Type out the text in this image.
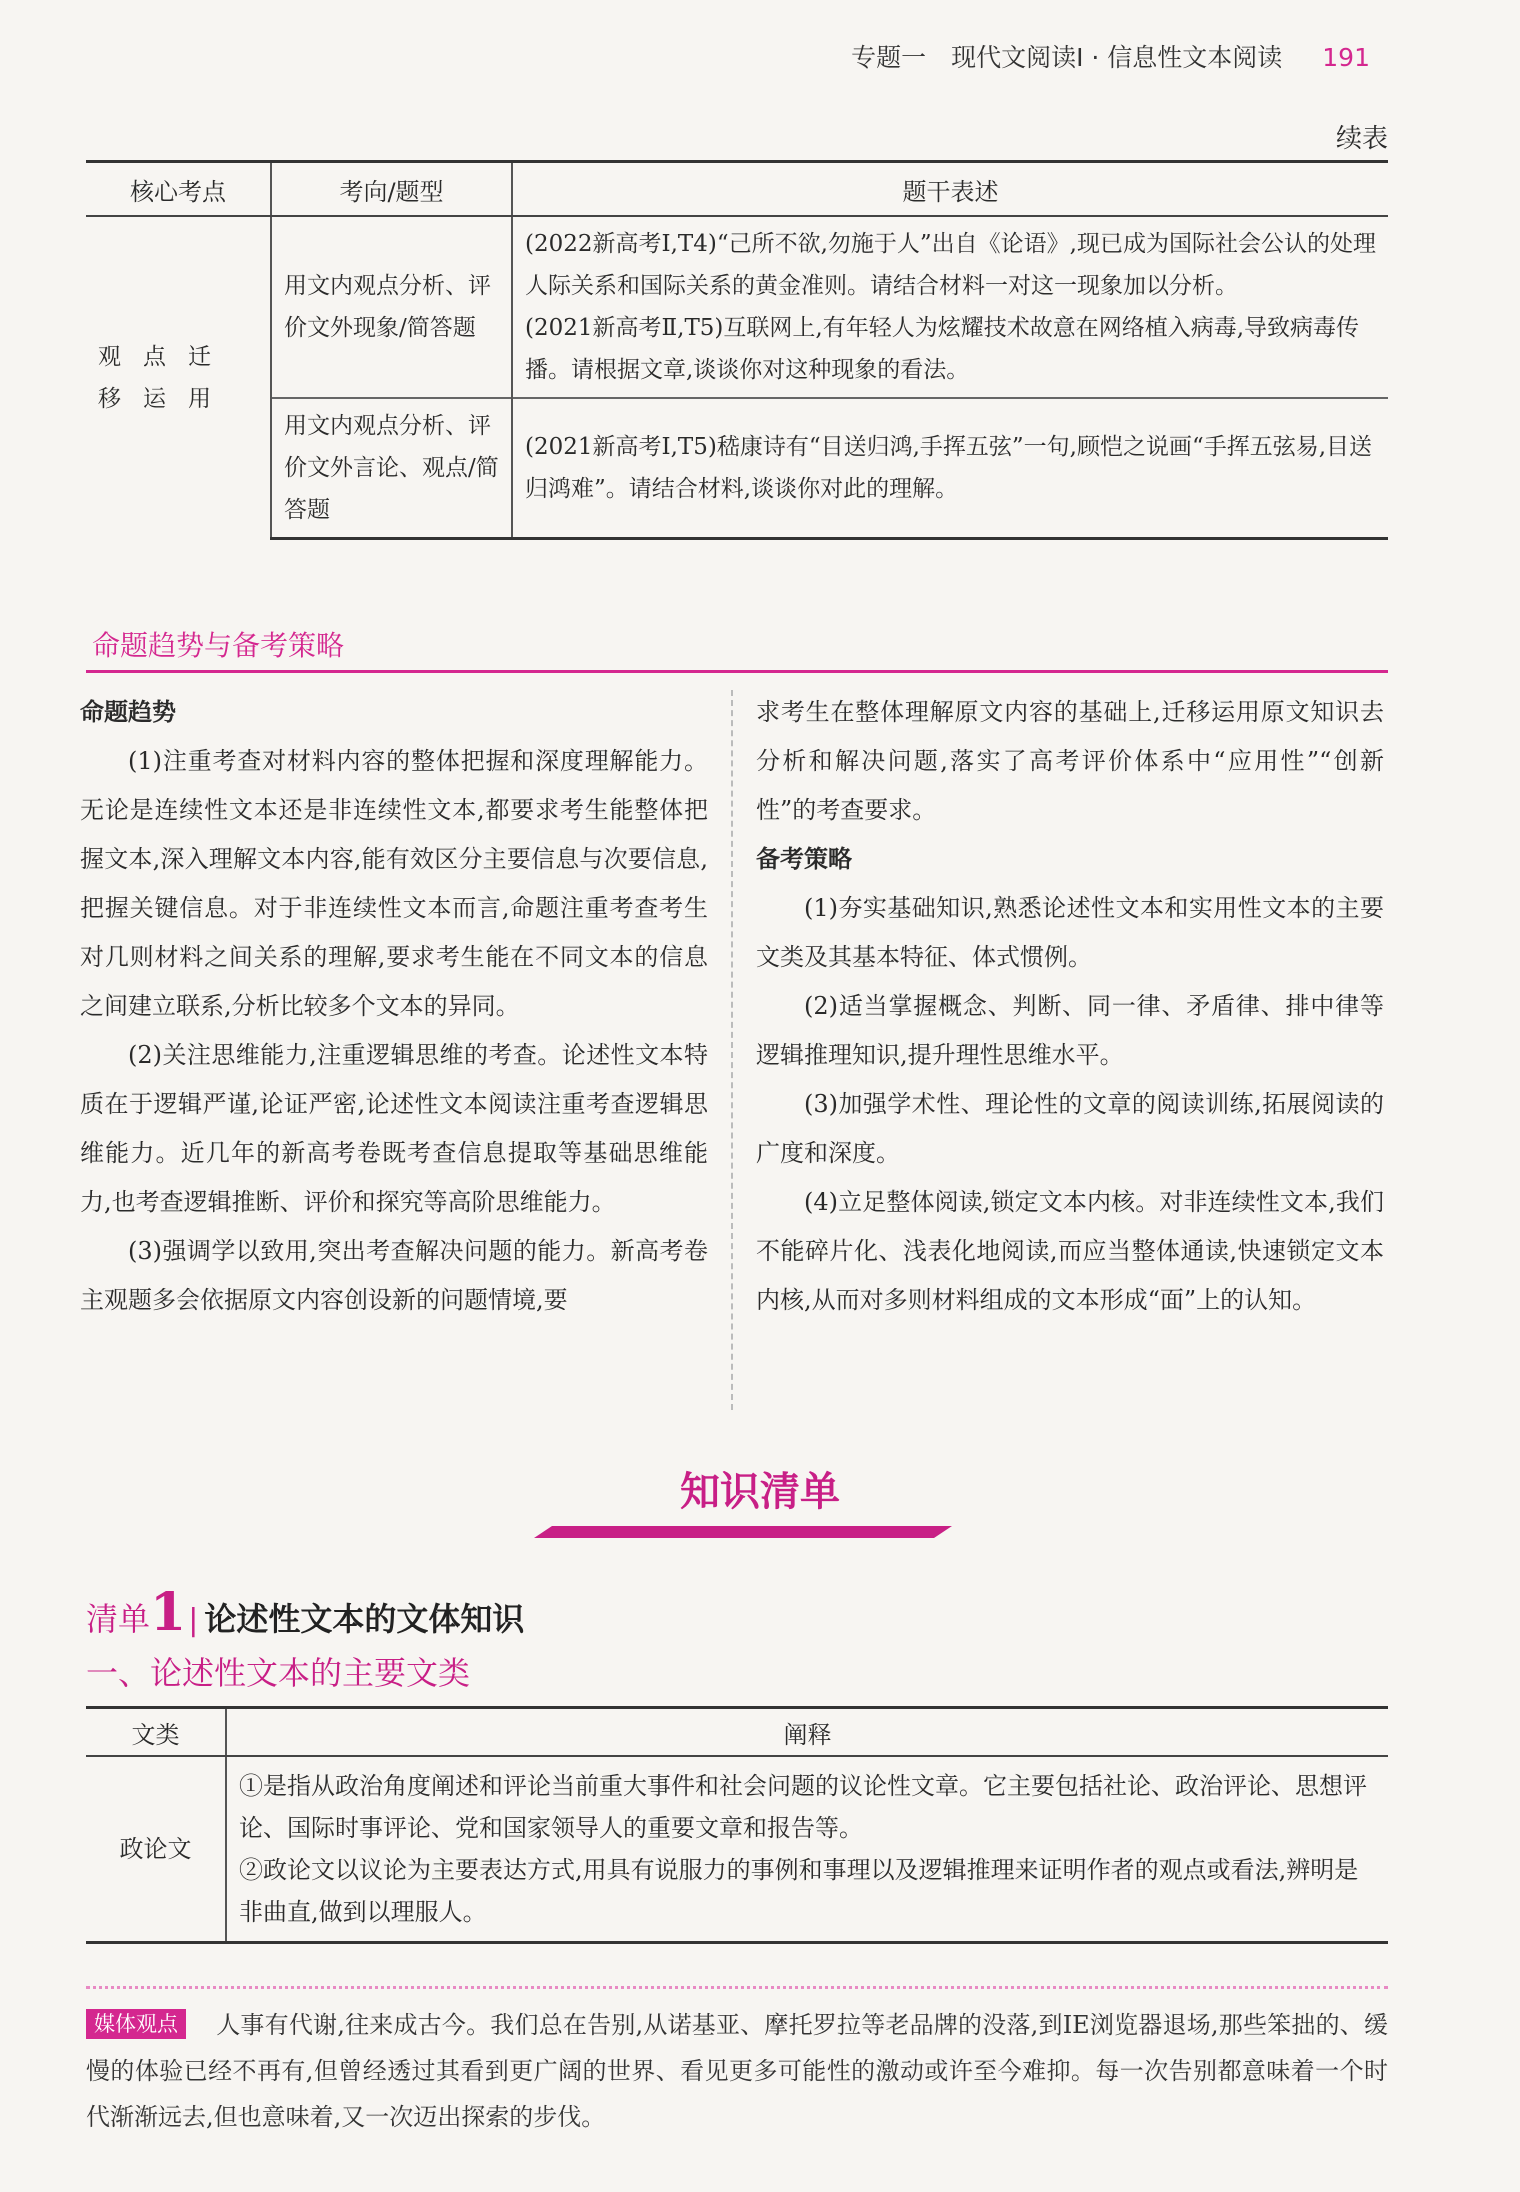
专题一　现代文阅读Ⅰ · 信息性文本阅读 191
续表
核心考点	考向/题型	题干表述
观点迁移运用	用文内观点分析、评价文外现象/简答题	(2022新高考Ⅰ,T4)“己所不欲,勿施于人”出自《论语》,现已成为国际社会公认的处理人际关系和国际关系的黄金准则。请结合材料一对这一现象加以分析。
(2021新高考Ⅱ,T5)互联网上,有年轻人为炫耀技术故意在网络植入病毒,导致病毒传播。请根据文章,谈谈你对这种现象的看法。

	用文内观点分析、评价文外言论、观点/简答题	(2021新高考Ⅰ,T5)嵇康诗有“目送归鸿,手挥五弦”一句,顾恺之说画“手挥五弦易,目送归鸿难”。请结合材料,谈谈你对此的理解。
命题趋势与备考策略
命题趋势

(1)注重考查对材料内容的整体把握和深度理解能力。无论是连续性文本还是非连续性文本,都要求考生能整体把握文本,深入理解文本内容,能有效区分主要信息与次要信息,把握关键信息。对于非连续性文本而言,命题注重考查考生对几则材料之间关系的理解,要求考生能在不同文本的信息之间建立联系,分析比较多个文本的异同。

(2)关注思维能力,注重逻辑思维的考查。论述性文本特质在于逻辑严谨,论证严密,论述性文本阅读注重考查逻辑思维能力。近几年的新高考卷既考查信息提取等基础思维能力,也考查逻辑推断、评价和探究等高阶思维能力。

(3)强调学以致用,突出考查解决问题的能力。新高考卷主观题多会依据原文内容创设新的问题情境,要

求考生在整体理解原文内容的基础上,迁移运用原文知识去分析和解决问题,落实了高考评价体系中“应用性”“创新性”的考查要求。

备考策略

(1)夯实基础知识,熟悉论述性文本和实用性文本的主要文类及其基本特征、体式惯例。

(2)适当掌握概念、判断、同一律、矛盾律、排中律等逻辑推理知识,提升理性思维水平。

(3)加强学术性、理论性的文章的阅读训练,拓展阅读的广度和深度。

(4)立足整体阅读,锁定文本内核。对非连续性文本,我们不能碎片化、浅表化地阅读,而应当整体通读,快速锁定文本内核,从而对多则材料组成的文本形成“面”上的认知。

知识清单
清单1| 论述性文本的文体知识
一、论述性文本的主要文类
文类	阐释
政论文	①是指从政治角度阐述和评论当前重大事件和社会问题的议论性文章。它主要包括社论、政治评论、思想评论、国际时事评论、党和国家领导人的重要文章和报告等。
②政论文以议论为主要表达方式,用具有说服力的事例和事理以及逻辑推理来证明作者的观点或看法,辨明是非曲直,做到以理服人。
媒体观点 人事有代谢,往来成古今。我们总在告别,从诺基亚、摩托罗拉等老品牌的没落,到IE浏览器退场,那些笨拙的、缓慢的体验已经不再有,但曾经透过其看到更广阔的世界、看见更多可能性的激动或许至今难抑。每一次告别都意味着一个时代渐渐远去,但也意味着,又一次迈出探索的步伐。
